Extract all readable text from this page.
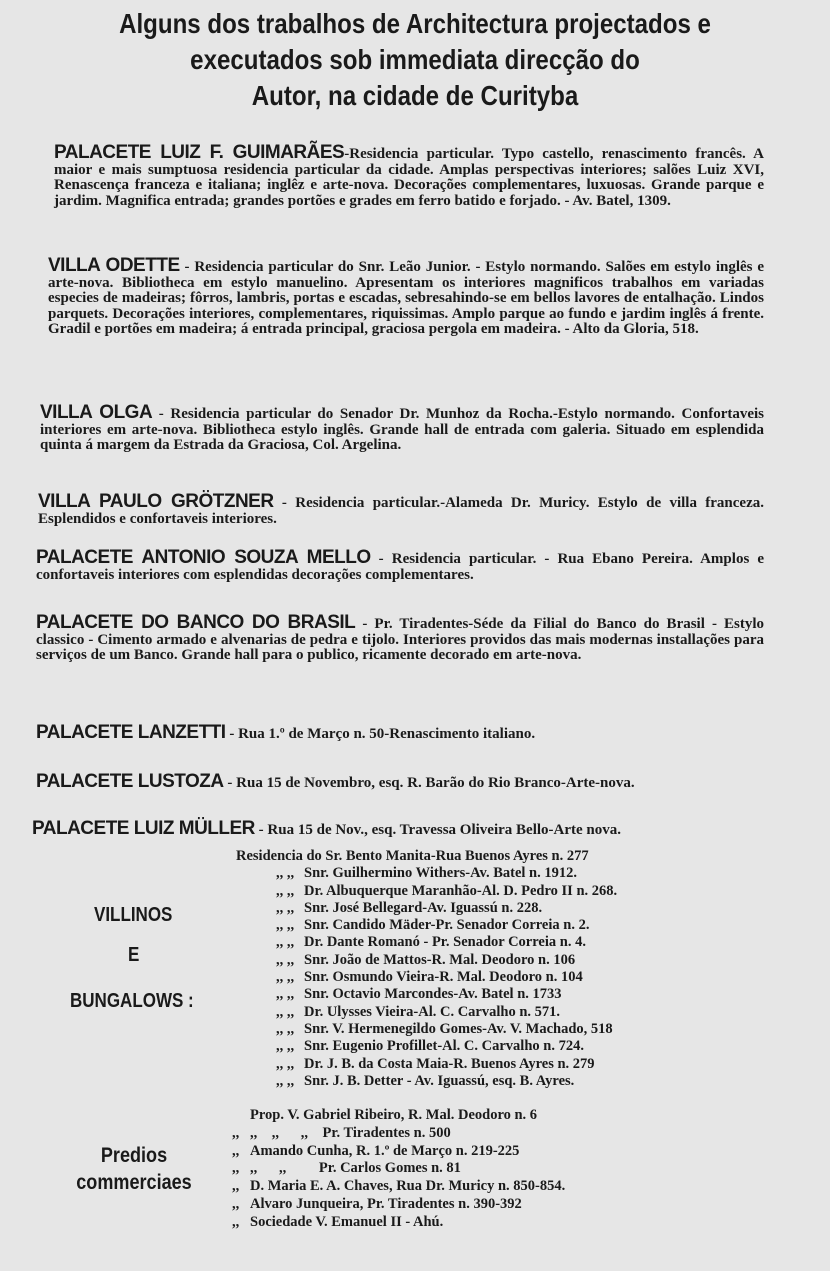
Alguns dos trabalhos de Architectura projectados e
executados sob immediata direcção do
Autor, na cidade de Curityba
PALACETE LUIZ F. GUIMARÃES-Residencia particular. Typo castello, renascimento francês. A maior e mais sumptuosa residencia particular da cidade. Amplas perspectivas interiores; salões Luiz XVI, Renascença franceza e italiana; inglêz e arte-nova. Decorações complementares, luxuosas. Grande parque e jardim. Magnifica entrada; grandes portões e grades em ferro batido e forjado. - Av. Batel, 1309.
VILLA ODETTE - Residencia particular do Snr. Leão Junior. - Estylo normando. Salões em estylo inglês e arte-nova. Bibliotheca em estylo manuelino. Apresentam os interiores magnificos trabalhos em variadas especies de madeiras; fôrros, lambris, portas e escadas, sebresahindo-se em bellos lavores de entalhação. Lindos parquets. Decorações interiores, complementares, riquissimas. Amplo parque ao fundo e jardim inglês á frente. Gradil e portões em madeira; á entrada principal, graciosa pergola em madeira. - Alto da Gloria, 518.
VILLA OLGA - Residencia particular do Senador Dr. Munhoz da Rocha.-Estylo normando. Confortaveis interiores em arte-nova. Bibliotheca estylo inglês. Grande hall de entrada com galeria. Situado em esplendida quinta á margem da Estrada da Graciosa, Col. Argelina.
VILLA PAULO GRÖTZNER - Residencia particular.-Alameda Dr. Muricy. Estylo de villa franceza. Esplendidos e confortaveis interiores.
PALACETE ANTONIO SOUZA MELLO - Residencia particular. - Rua Ebano Pereira. Amplos e confortaveis interiores com esplendidas decorações complementares.
PALACETE DO BANCO DO BRASIL - Pr. Tiradentes-Séde da Filial do Banco do Brasil - Estylo classico - Cimento armado e alvenarias de pedra e tijolo. Interiores providos das mais modernas installações para serviços de um Banco. Grande hall para o publico, ricamente decorado em arte-nova.
PALACETE LANZETTI - Rua 1.º de Março n. 50-Renascimento italiano.
PALACETE LUSTOZA - Rua 15 de Novembro, esq. R. Barão do Rio Branco-Arte-nova.
PALACETE LUIZ MÜLLER - Rua 15 de Nov., esq. Travessa Oliveira Bello-Arte nova.
VILLINOS
E
BUNGALOWS :
Residencia do Sr. Bento Manita-Rua Buenos Ayres n. 277
,, ,, Snr. Guilhermino Withers-Av. Batel n. 1912.
,, ,, Dr. Albuquerque Maranhão-Al. D. Pedro II n. 268.
,, ,, Snr. José Bellegard-Av. Iguassú n. 228.
,, ,, Snr. Candido Mäder-Pr. Senador Correia n. 2.
,, ,, Dr. Dante Romanó - Pr. Senador Correia n. 4.
,, ,, Snr. João de Mattos-R. Mal. Deodoro n. 106
,, ,, Snr. Osmundo Vieira-R. Mal. Deodoro n. 104
,, ,, Snr. Octavio Marcondes-Av. Batel n. 1733
,, ,, Dr. Ulysses Vieira-Al. C. Carvalho n. 571.
,, ,, Snr. V. Hermenegildo Gomes-Av. V. Machado, 518
,, ,, Snr. Eugenio Profillet-Al. C. Carvalho n. 724.
,, ,, Dr. J. B. da Costa Maia-R. Buenos Ayres n. 279
,, ,, Snr. J. B. Detter - Av. Iguassú, esq. B. Ayres.
Predios
commerciaes
Prop. V. Gabriel Ribeiro, R. Mal. Deodoro n. 6
,, ,,    ,,      ,,    Pr. Tiradentes n. 500
,, Amando Cunha, R. 1.º de Março n. 219-225
,, ,,      ,,         Pr. Carlos Gomes n. 81
,, D. Maria E. A. Chaves, Rua Dr. Muricy n. 850-854.
,, Alvaro Junqueira, Pr. Tiradentes n. 390-392
,, Sociedade V. Emanuel II - Ahú.
